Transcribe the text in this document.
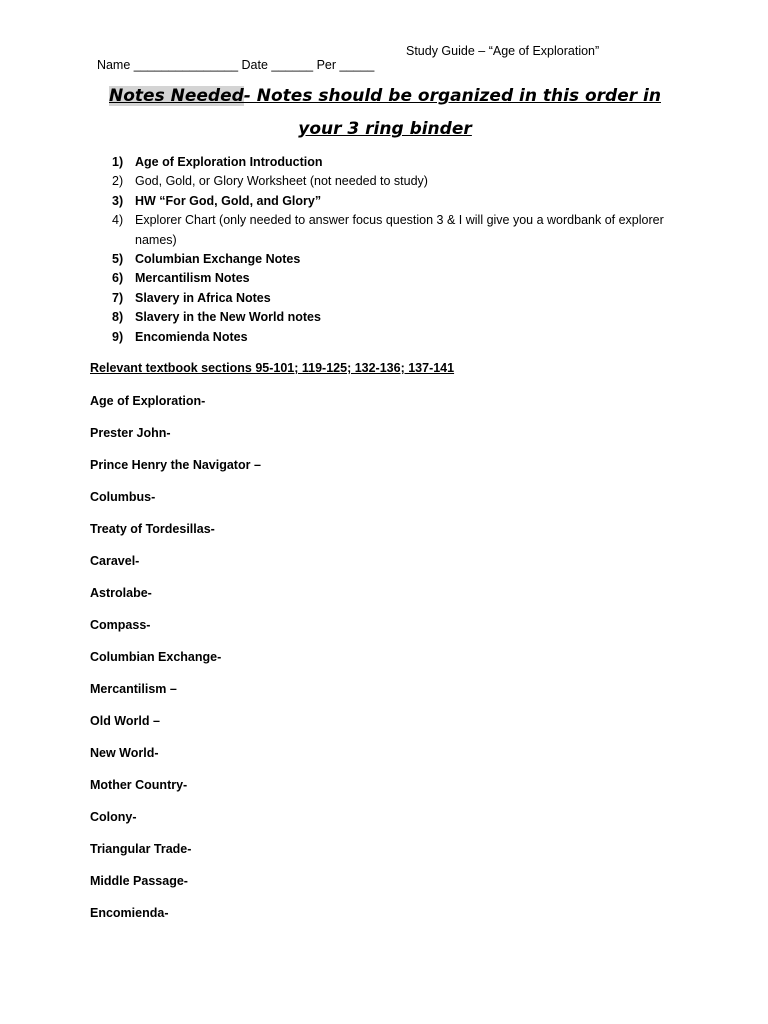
Name _______________ Date ______ Per _____

Study Guide – “Age of Exploration”

Notes Needed- Notes should be organized in this order in your 3 ring binder
1) Age of Exploration Introduction
2) God, Gold, or Glory Worksheet (not needed to study)
3) HW “For God, Gold, and Glory”
4) Explorer Chart (only needed to answer focus question 3 & I will give you a wordbank of explorer names)
5) Columbian Exchange Notes
6) Mercantilism Notes
7) Slavery in Africa Notes
8) Slavery in the New World notes
9) Encomienda Notes
Relevant textbook sections 95-101; 119-125; 132-136; 137-141
Age of Exploration-
Prester John-
Prince Henry the Navigator –
Columbus-
Treaty of Tordesillas-
Caravel-
Astrolabe-
Compass-
Columbian Exchange-
Mercantilism –
Old World –
New World-
Mother Country-
Colony-
Triangular Trade-
Middle Passage-
Encomienda-
